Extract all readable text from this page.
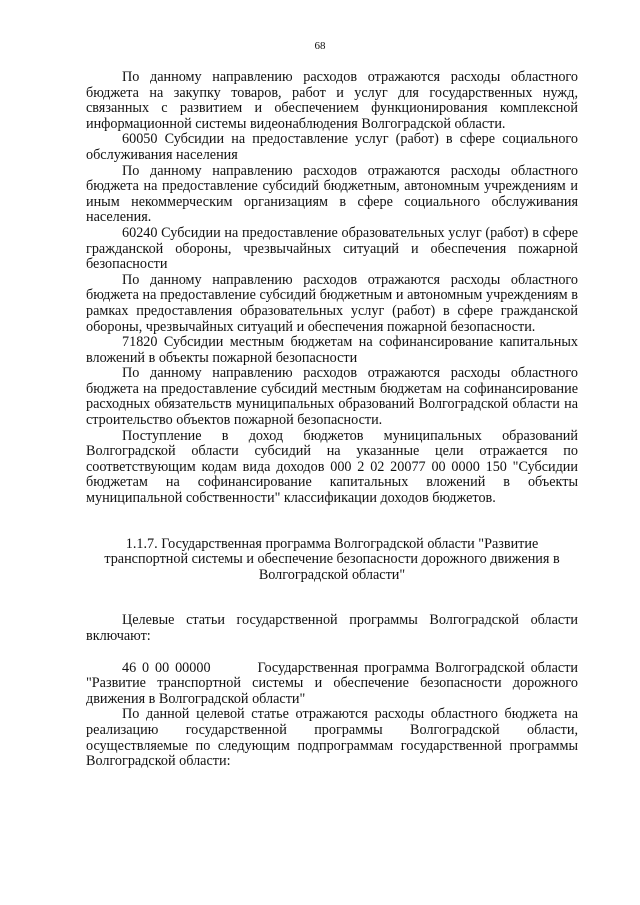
68

По данному направлению расходов отражаются расходы областного бюджета на закупку товаров, работ и услуг для государственных нужд, связанных с развитием и обеспечением функционирования комплексной информационной системы видеонаблюдения Волгоградской области.

60050 Субсидии на предоставление услуг (работ) в сфере социального обслуживания населения

По данному направлению расходов отражаются расходы областного бюджета на предоставление субсидий бюджетным, автономным учреждениям и иным некоммерческим организациям в сфере социального обслуживания населения.

60240 Субсидии на предоставление образовательных услуг (работ) в сфере гражданской обороны, чрезвычайных ситуаций и обеспечения пожарной безопасности

По данному направлению расходов отражаются расходы областного бюджета на предоставление субсидий бюджетным и автономным учреждениям в рамках предоставления образовательных услуг (работ) в сфере гражданской обороны, чрезвычайных ситуаций и обеспечения пожарной безопасности.

71820 Субсидии местным бюджетам на софинансирование капитальных вложений в объекты пожарной безопасности

По данному направлению расходов отражаются расходы областного бюджета на предоставление субсидий местным бюджетам на софинансирование расходных обязательств муниципальных образований Волгоградской области на строительство объектов пожарной безопасности.

Поступление в доход бюджетов муниципальных образований Волгоградской области субсидий на указанные цели отражается по соответствующим кодам вида доходов 000 2 02 20077 00 0000 150 "Субсидии бюджетам на софинансирование капитальных вложений в объекты муниципальной собственности" классификации доходов бюджетов.

1.1.7. Государственная программа Волгоградской области "Развитие транспортной системы и обеспечение безопасности дорожного движения в Волгоградской области"

Целевые статьи государственной программы Волгоградской области включают:

46 0 00 00000        Государственная программа Волгоградской области "Развитие транспортной системы и обеспечение безопасности дорожного движения в Волгоградской области"

По данной целевой статье отражаются расходы областного бюджета на реализацию государственной программы Волгоградской области, осуществляемые по следующим подпрограммам государственной программы Волгоградской области:
